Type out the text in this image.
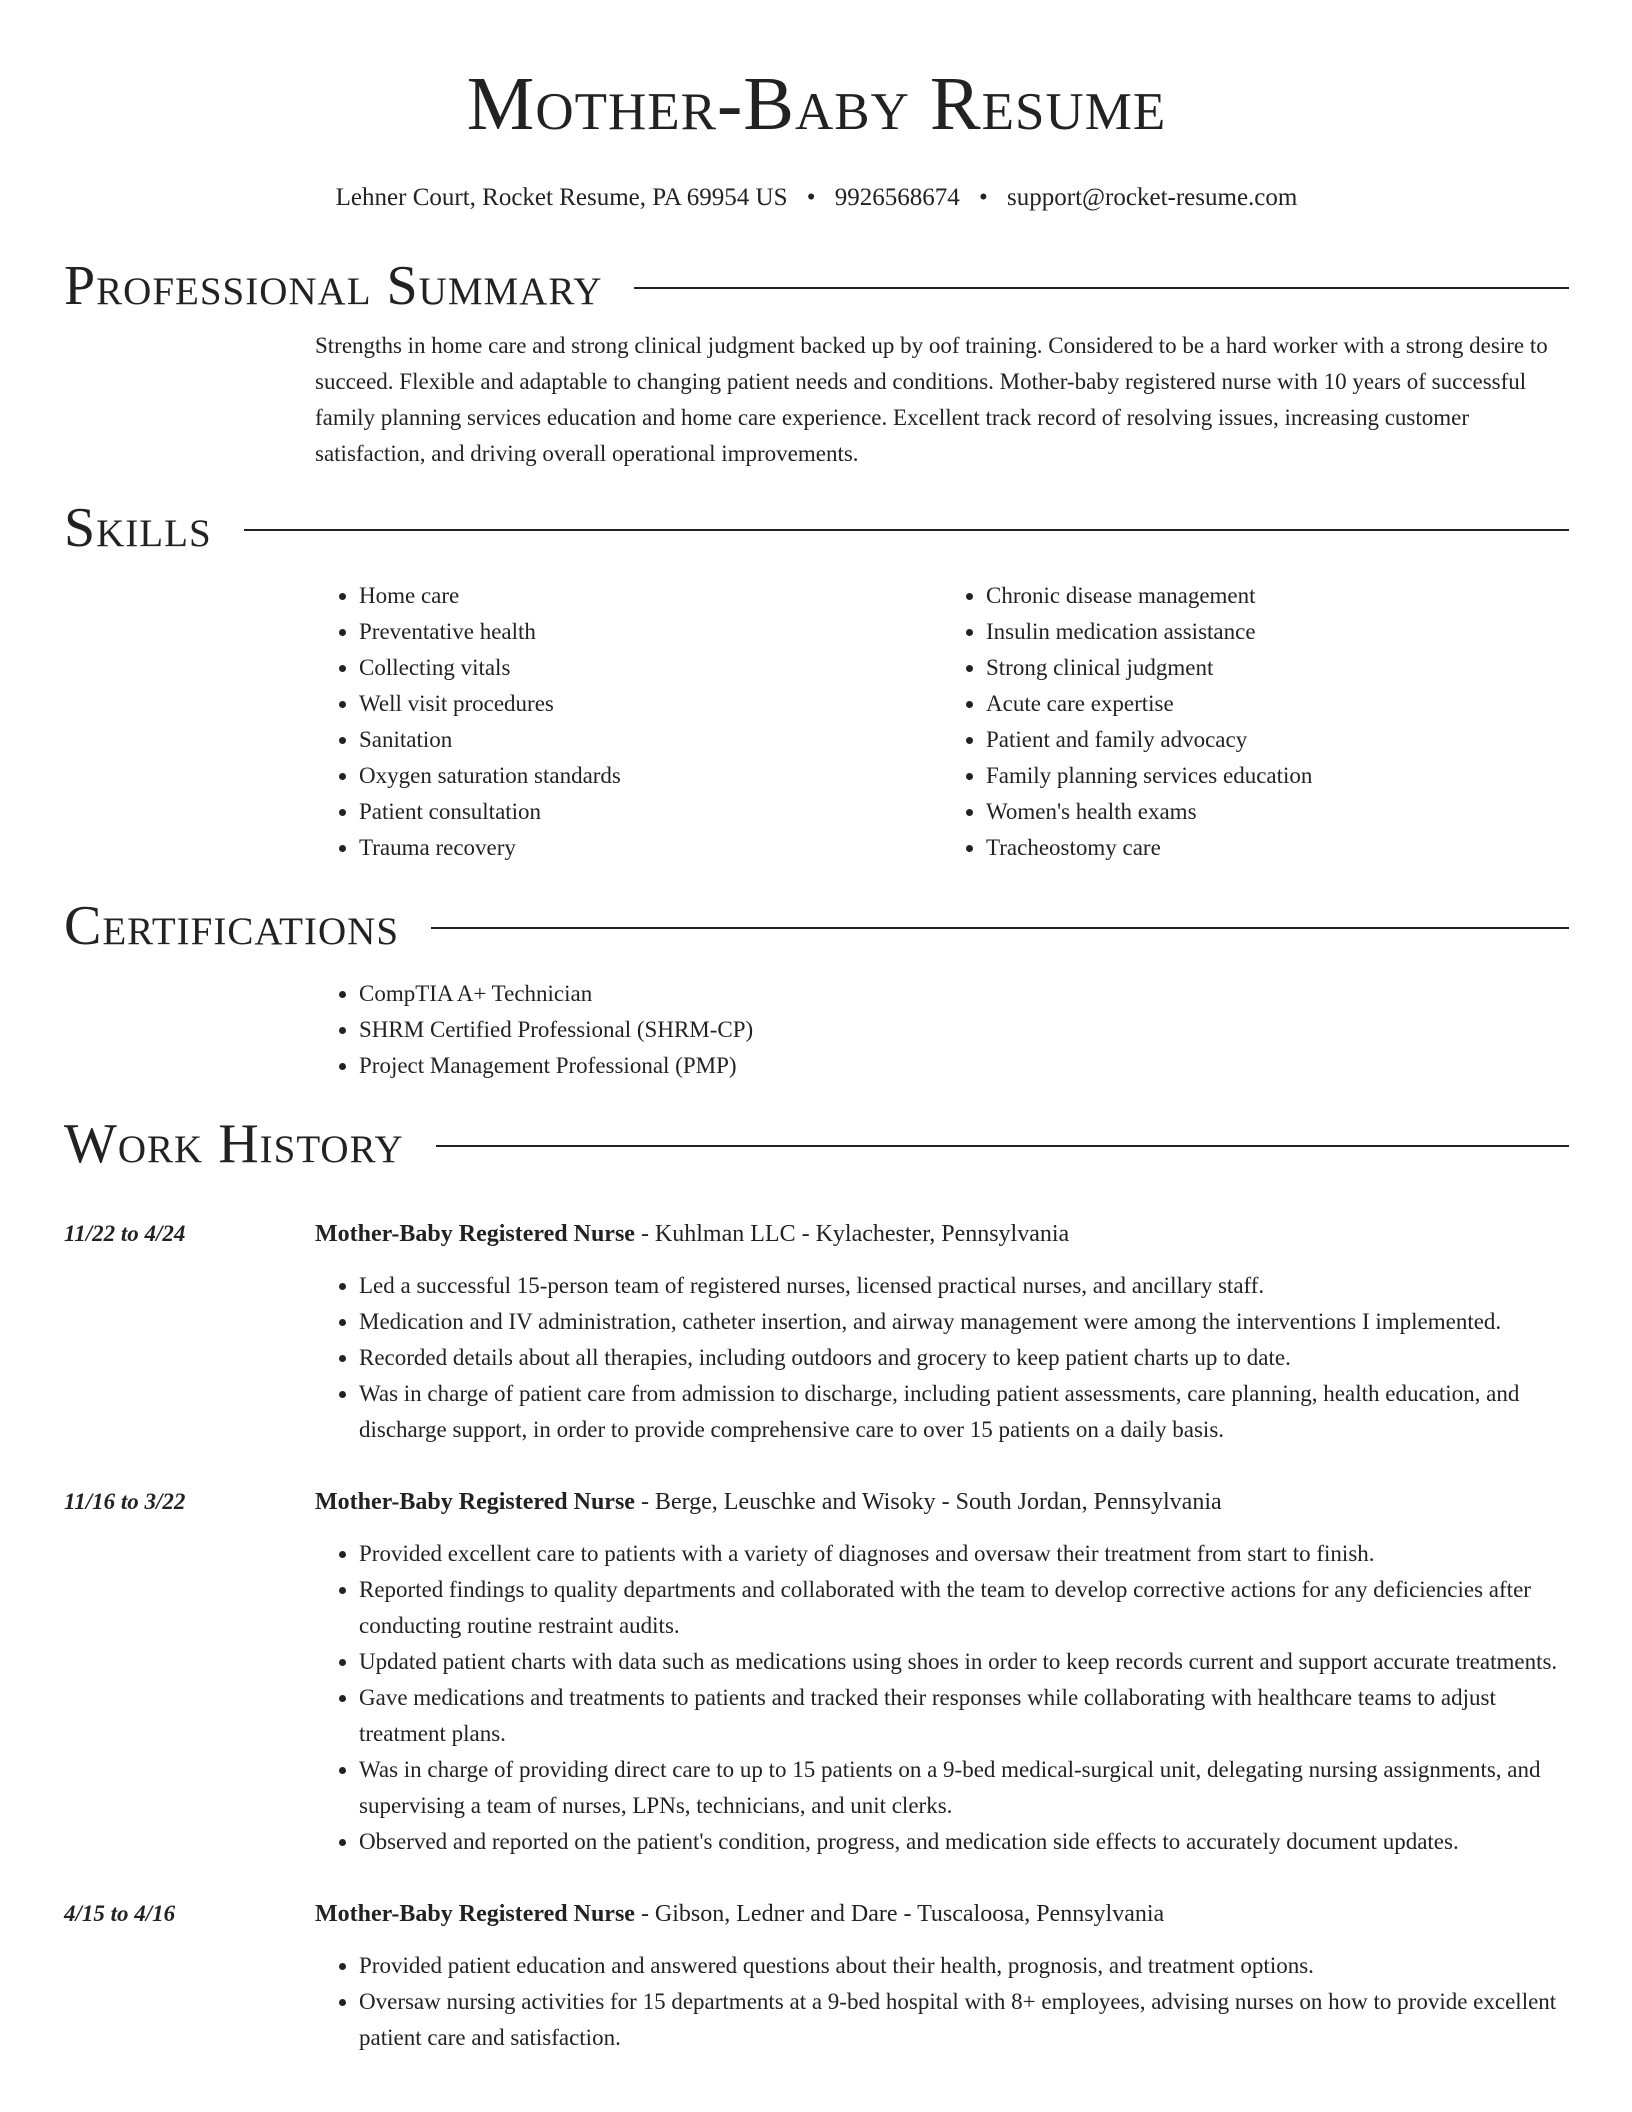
Mother-Baby Resume
Lehner Court, Rocket Resume, PA 69954 US • 9926568674 • support@rocket-resume.com
Professional Summary
Strengths in home care and strong clinical judgment backed up by oof training. Considered to be a hard worker with a strong desire to succeed. Flexible and adaptable to changing patient needs and conditions. Mother-baby registered nurse with 10 years of successful family planning services education and home care experience. Excellent track record of resolving issues, increasing customer satisfaction, and driving overall operational improvements.
Skills
• Home care
• Preventative health
• Collecting vitals
• Well visit procedures
• Sanitation
• Oxygen saturation standards
• Patient consultation
• Trauma recovery
• Chronic disease management
• Insulin medication assistance
• Strong clinical judgment
• Acute care expertise
• Patient and family advocacy
• Family planning services education
• Women's health exams
• Tracheostomy care
Certifications
• CompTIA A+ Technician
• SHRM Certified Professional (SHRM-CP)
• Project Management Professional (PMP)
Work History
11/22 to 4/24	Mother-Baby Registered Nurse - Kuhlman LLC - Kylachester, Pennsylvania
• Led a successful 15-person team of registered nurses, licensed practical nurses, and ancillary staff.
• Medication and IV administration, catheter insertion, and airway management were among the interventions I implemented.
• Recorded details about all therapies, including outdoors and grocery to keep patient charts up to date.
• Was in charge of patient care from admission to discharge, including patient assessments, care planning, health education, and discharge support, in order to provide comprehensive care to over 15 patients on a daily basis.
11/16 to 3/22	Mother-Baby Registered Nurse - Berge, Leuschke and Wisoky - South Jordan, Pennsylvania
• Provided excellent care to patients with a variety of diagnoses and oversaw their treatment from start to finish.
• Reported findings to quality departments and collaborated with the team to develop corrective actions for any deficiencies after conducting routine restraint audits.
• Updated patient charts with data such as medications using shoes in order to keep records current and support accurate treatments.
• Gave medications and treatments to patients and tracked their responses while collaborating with healthcare teams to adjust treatment plans.
• Was in charge of providing direct care to up to 15 patients on a 9-bed medical-surgical unit, delegating nursing assignments, and supervising a team of nurses, LPNs, technicians, and unit clerks.
• Observed and reported on the patient's condition, progress, and medication side effects to accurately document updates.
4/15 to 4/16	Mother-Baby Registered Nurse - Gibson, Ledner and Dare - Tuscaloosa, Pennsylvania
• Provided patient education and answered questions about their health, prognosis, and treatment options.
• Oversaw nursing activities for 15 departments at a 9-bed hospital with 8+ employees, advising nurses on how to provide excellent patient care and satisfaction.
